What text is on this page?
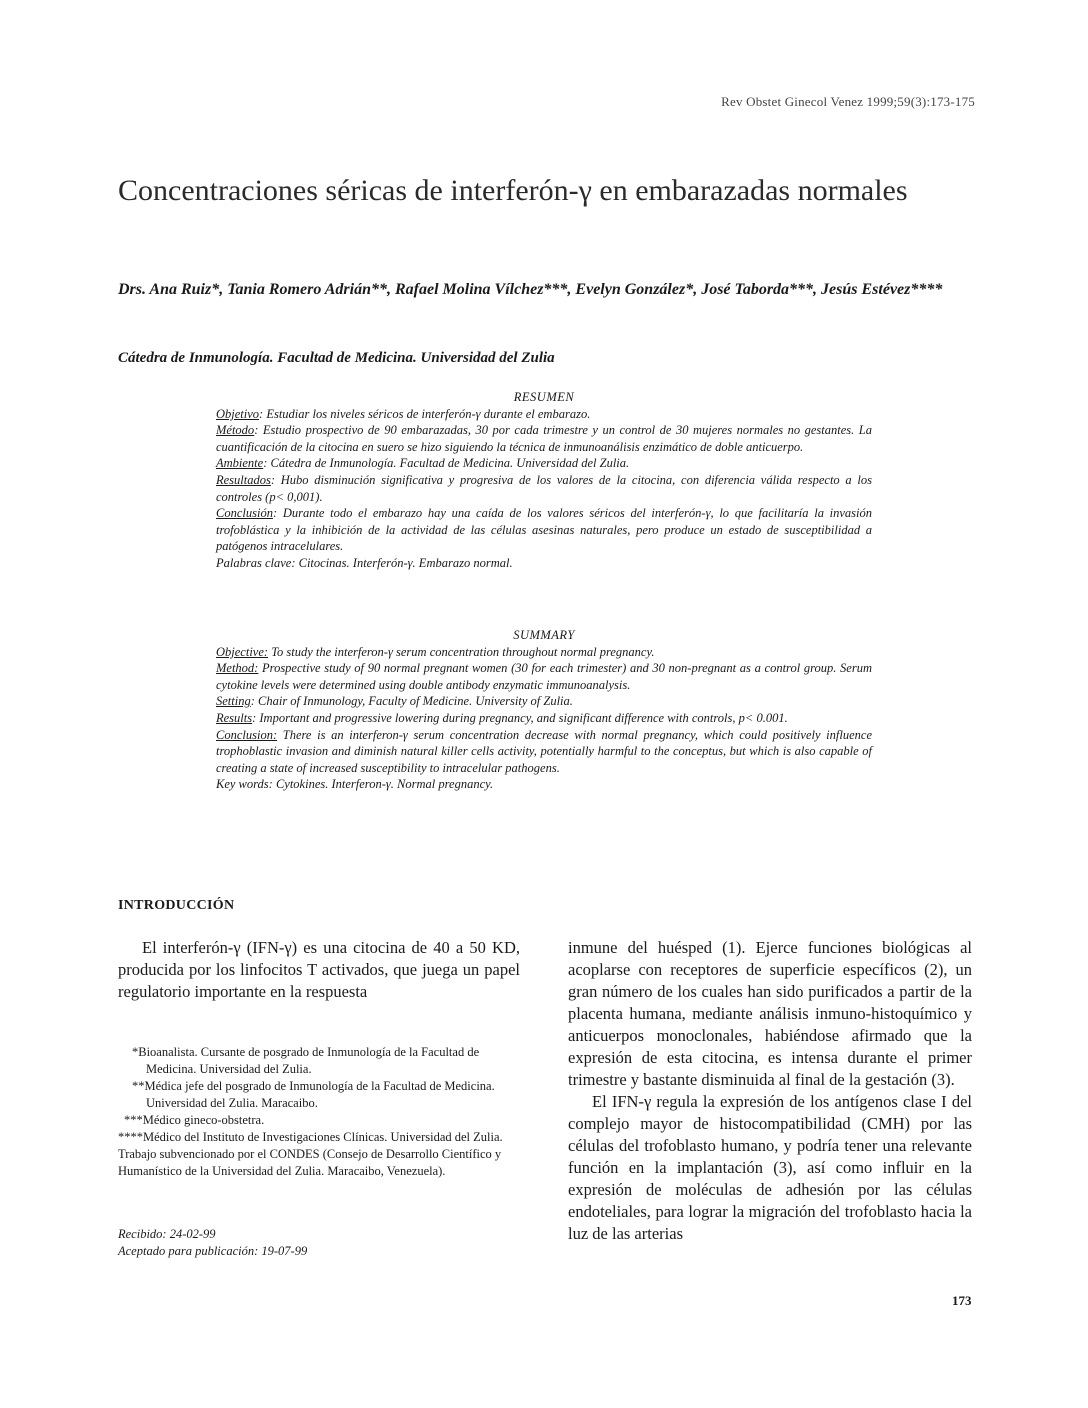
Rev Obstet Ginecol Venez 1999;59(3):173-175
Concentraciones séricas de interferón-γ en embarazadas normales
Drs. Ana Ruiz*, Tania Romero Adrián**, Rafael Molina Vílchez***, Evelyn González*, José Taborda***, Jesús Estévez****
Cátedra de Inmunología. Facultad de Medicina. Universidad del Zulia
RESUMEN

Objetivo: Estudiar los niveles séricos de interferón-γ durante el embarazo.

Método: Estudio prospectivo de 90 embarazadas, 30 por cada trimestre y un control de 30 mujeres normales no gestantes. La cuantificación de la citocina en suero se hizo siguiendo la técnica de inmunoanálisis enzimático de doble anticuerpo.

Ambiente: Cátedra de Inmunología. Facultad de Medicina. Universidad del Zulia.

Resultados: Hubo disminución significativa y progresiva de los valores de la citocina, con diferencia válida respecto a los controles (p< 0,001).

Conclusión: Durante todo el embarazo hay una caída de los valores séricos del interferón-γ, lo que facilitaría la invasión trofoblástica y la inhibición de la actividad de las células asesinas naturales, pero produce un estado de susceptibilidad a patógenos intracelulares.

Palabras clave: Citocinas. Interferón-γ. Embarazo normal.

SUMMARY

Objective: To study the interferon-γ serum concentration throughout normal pregnancy.

Method: Prospective study of 90 normal pregnant women (30 for each trimester) and 30 non-pregnant as a control group. Serum cytokine levels were determined using double antibody enzymatic immunoanalysis.

Setting: Chair of Inmunology, Faculty of Medicine. University of Zulia.

Results: Important and progressive lowering during pregnancy, and significant difference with controls, p< 0.001.

Conclusion: There is an interferon-γ serum concentration decrease with normal pregnancy, which could positively influence trophoblastic invasion and diminish natural killer cells activity, potentially harmful to the conceptus, but which is also capable of creating a state of increased susceptibility to intracelular pathogens.

Key words: Cytokines. Interferon-γ. Normal pregnancy.

INTRODUCCIÓN

El interferón-γ (IFN-γ) es una citocina de 40 a 50 KD, producida por los linfocitos T activados, que juega un papel regulatorio importante en la respuesta

inmune del huésped (1). Ejerce funciones biológicas al acoplarse con receptores de superficie específicos (2), un gran número de los cuales han sido purificados a partir de la placenta humana, mediante análisis inmuno-histoquímico y anticuerpos monoclonales, habiéndose afirmado que la expresión de esta citocina, es intensa durante el primer trimestre y bastante disminuida al final de la gestación (3).

El IFN-γ regula la expresión de los antígenos clase I del complejo mayor de histocompatibilidad (CMH) por las células del trofoblasto humano, y podría tener una relevante función en la implantación (3), así como influir en la expresión de moléculas de adhesión por las células endoteliales, para lograr la migración del trofoblasto hacia la luz de las arterias

*Bioanalista. Cursante de posgrado de Inmunología de la Facultad de Medicina. Universidad del Zulia.

**Médica jefe del posgrado de Inmunología de la Facultad de Medicina. Universidad del Zulia. Maracaibo.

***Médico gineco-obstetra.

****Médico del Instituto de Investigaciones Clínicas. Universidad del Zulia.

Trabajo subvencionado por el CONDES (Consejo de Desarrollo Científico y Humanístico de la Universidad del Zulia. Maracaibo, Venezuela).

Recibido: 24-02-99
Aceptado para publicación: 19-07-99
173
